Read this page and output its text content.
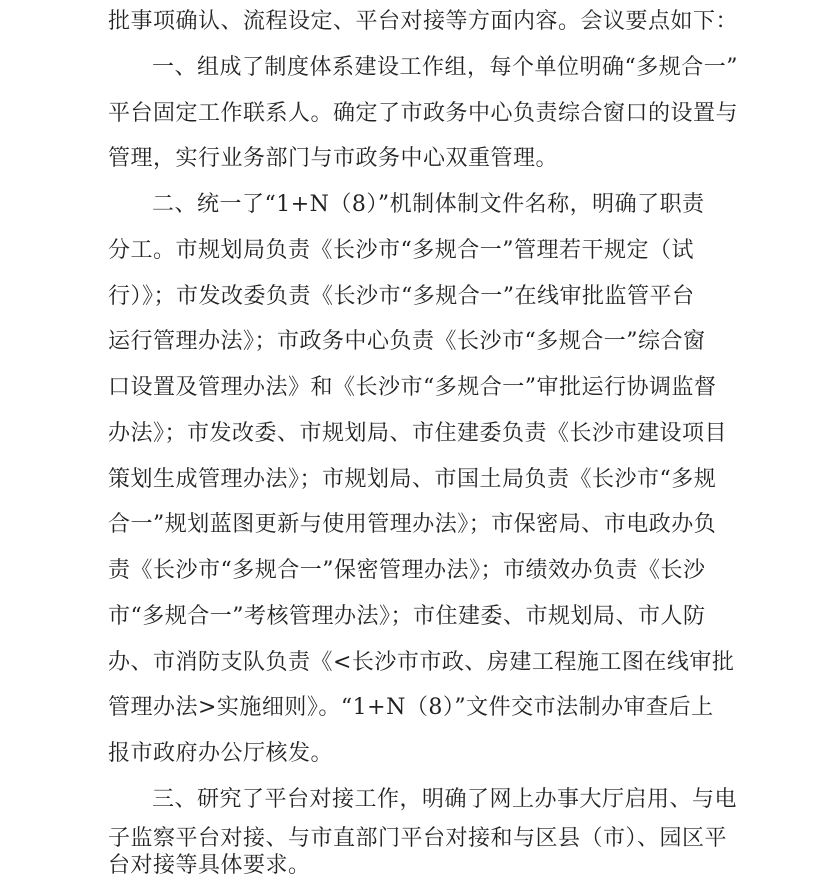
批事项确认、流程设定、平台对接等方面内容。会议要点如下：
一、组成了制度体系建设工作组，每个单位明确“多规合一”
平台固定工作联系人。确定了市政务中心负责综合窗口的设置与
管理，实行业务部门与市政务中心双重管理。
二、统一了“1+N（8）”机制体制文件名称，明确了职责
分工。市规划局负责《长沙市“多规合一”管理若干规定（试
行）》；市发改委负责《长沙市“多规合一”在线审批监管平台
运行管理办法》；市政务中心负责《长沙市“多规合一”综合窗
口设置及管理办法》和《长沙市“多规合一”审批运行协调监督
办法》；市发改委、市规划局、市住建委负责《长沙市建设项目
策划生成管理办法》；市规划局、市国土局负责《长沙市“多规
合一”规划蓝图更新与使用管理办法》；市保密局、市电政办负
责《长沙市“多规合一”保密管理办法》；市绩效办负责《长沙
市“多规合一”考核管理办法》；市住建委、市规划局、市人防
办、市消防支队负责《<长沙市市政、房建工程施工图在线审批
管理办法>实施细则》。“1+N（8）”文件交市法制办审查后上
报市政府办公厅核发。
三、研究了平台对接工作，明确了网上办事大厅启用、与电
子监察平台对接、与市直部门平台对接和与区县（市）、园区平
台对接等具体要求。
